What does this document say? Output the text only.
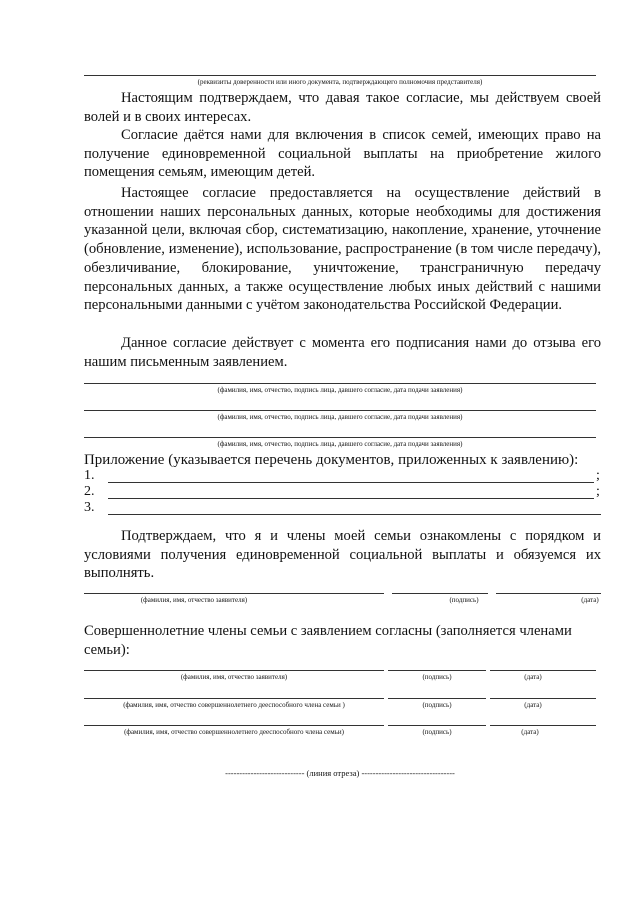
(реквизиты доверенности или иного документа, подтверждающего полномочия представителя)
Настоящим подтверждаем, что давая такое согласие, мы действуем своей волей и в своих интересах.
Согласие даётся нами для включения в список семей, имеющих право на получение единовременной социальной выплаты на приобретение жилого помещения семьям, имеющим детей.
Настоящее согласие предоставляется на осуществление действий в отношении наших персональных данных, которые необходимы для достижения указанной цели, включая сбор, систематизацию, накопление, хранение, уточнение (обновление, изменение), использование, распространение (в том числе передачу), обезличивание, блокирование, уничтожение, трансграничную передачу персональных данных, а также осуществление любых иных действий с нашими персональными данными с учётом законодательства Российской Федерации.
Данное согласие действует с момента его подписания нами до отзыва его нашим письменным заявлением.
(фамилия, имя, отчество, подпись лица, давшего согласие, дата подачи заявления)
(фамилия, имя, отчество, подпись лица, давшего согласие, дата подачи заявления)
(фамилия, имя, отчество, подпись лица, давшего согласие, дата подачи заявления)
Приложение (указывается перечень документов, приложенных к заявлению):
1.	;
2.	;
3.
Подтверждаем, что я и члены моей семьи ознакомлены с порядком и условиями получения единовременной социальной выплаты и обязуемся их выполнять.
(фамилия, имя, отчество заявителя)	(подпись)	(дата)
Совершеннолетние члены семьи с заявлением согласны (заполняется членами семьи):
(фамилия, имя, отчество заявителя)	(подпись)	(дата)
(фамилия, имя, отчество совершеннолетнего дееспособного члена семьи )	(подпись)	(дата)
(фамилия, имя, отчество совершеннолетнего дееспособного члена семьи)	(подпись)	(дата)
---------------------------- (линия отреза) ---------------------------------
